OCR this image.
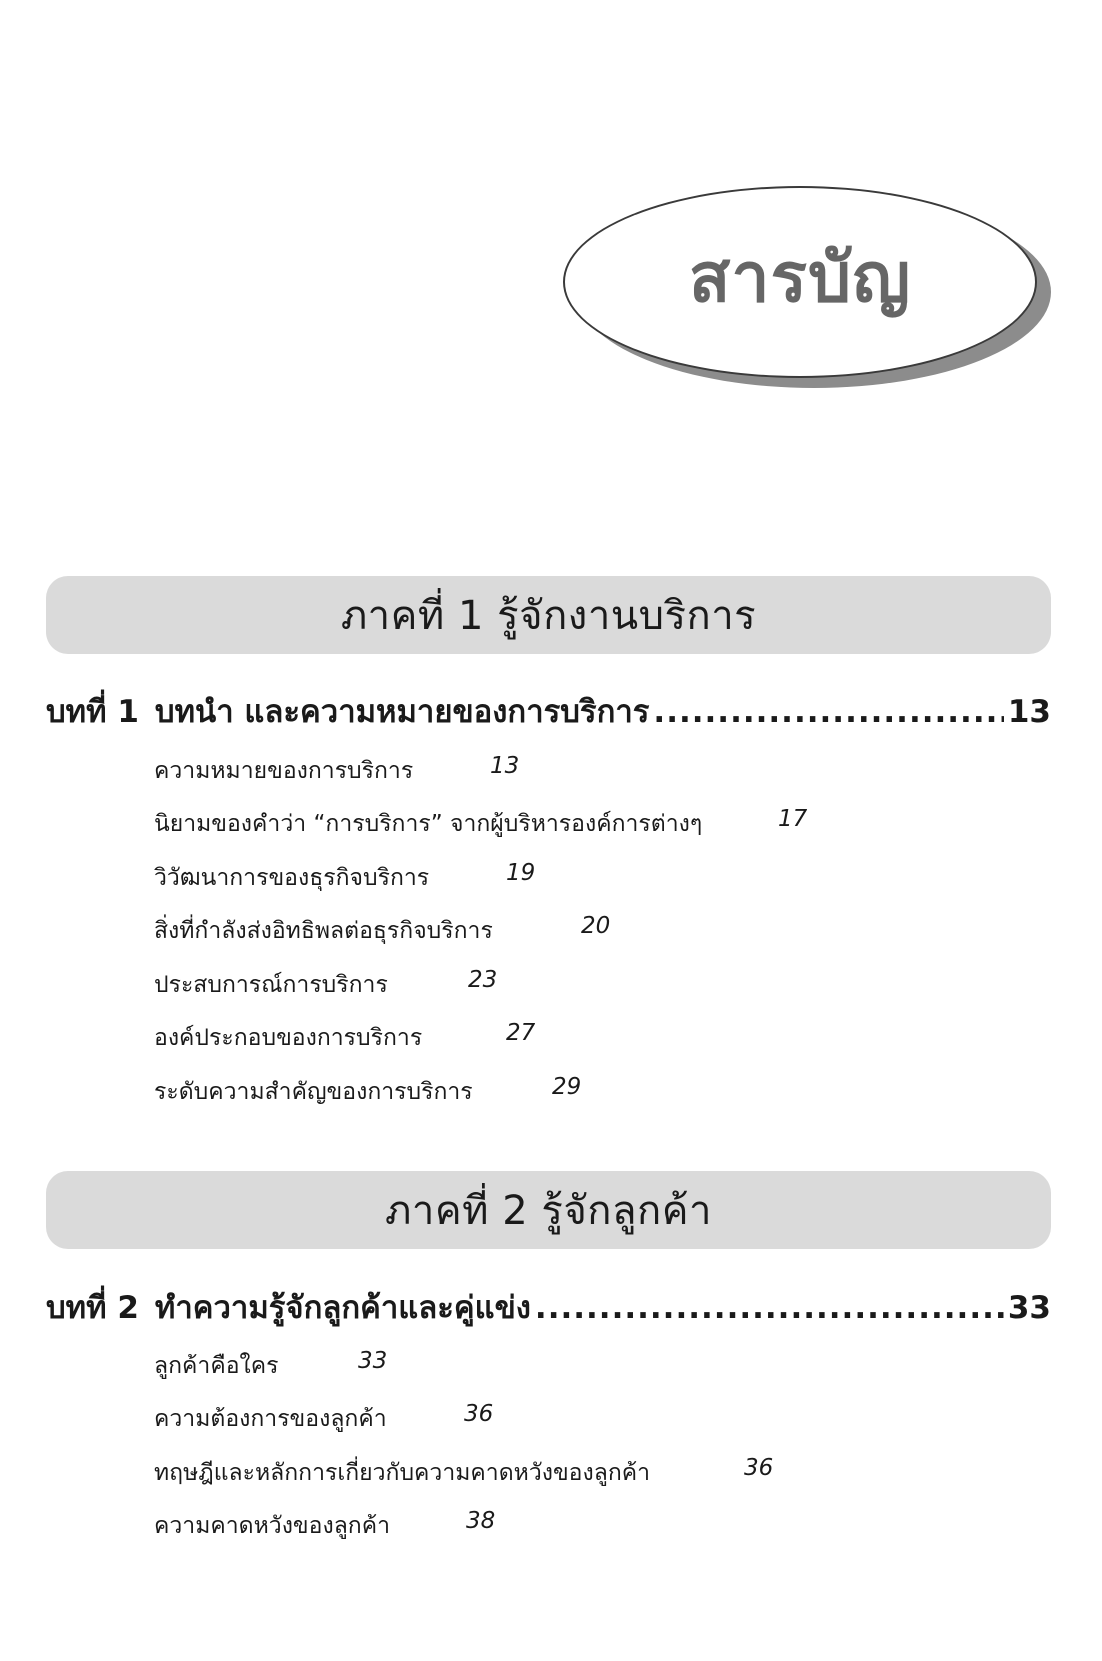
สารบัญ
ภาคที่ 1 รู้จักงานบริการ
บทที่ 1 บทนำ และความหมายของการบริการ .....	13
ความหมายของการบริการ	13
นิยามของคำว่า “การบริการ” จากผู้บริหารองค์การต่างๆ	17
วิวัฒนาการของธุรกิจบริการ	19
สิ่งที่กำลังส่งอิทธิพลต่อธุรกิจบริการ	20
ประสบการณ์การบริการ	23
องค์ประกอบของการบริการ	27
ระดับความสำคัญของการบริการ	29
ภาคที่ 2 รู้จักลูกค้า
บทที่ 2 ทำความรู้จักลูกค้าและคู่แข่ง .....	33
ลูกค้าคือใคร	33
ความต้องการของลูกค้า	36
ทฤษฎีและหลักการเกี่ยวกับความคาดหวังของลูกค้า	36
ความคาดหวังของลูกค้า	38
